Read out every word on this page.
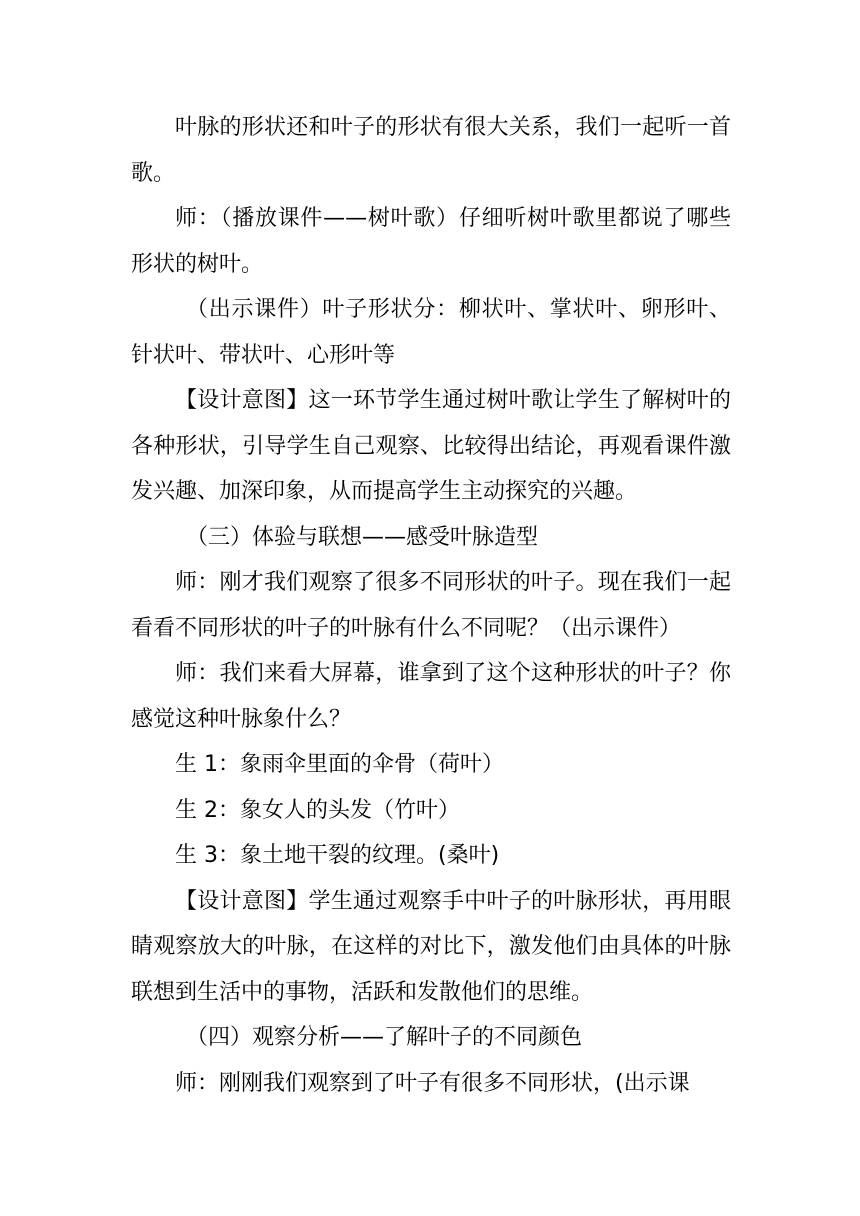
叶脉的形状还和叶子的形状有很大关系，我们一起听一首歌。

师：（播放课件——树叶歌）仔细听树叶歌里都说了哪些形状的树叶。

（出示课件）叶子形状分：柳状叶、掌状叶、卵形叶、针状叶、带状叶、心形叶等

【设计意图】这一环节学生通过树叶歌让学生了解树叶的各种形状，引导学生自己观察、比较得出结论，再观看课件激发兴趣、加深印象，从而提高学生主动探究的兴趣。

（三）体验与联想——感受叶脉造型

师：刚才我们观察了很多不同形状的叶子。现在我们一起看看不同形状的叶子的叶脉有什么不同呢？（出示课件）

师：我们来看大屏幕，谁拿到了这个这种形状的叶子？你感觉这种叶脉象什么？

生 1：象雨伞里面的伞骨（荷叶）

生 2：象女人的头发（竹叶）

生 3：象土地干裂的纹理。(桑叶)

【设计意图】学生通过观察手中叶子的叶脉形状，再用眼睛观察放大的叶脉，在这样的对比下，激发他们由具体的叶脉联想到生活中的事物，活跃和发散他们的思维。

（四）观察分析——了解叶子的不同颜色

师：刚刚我们观察到了叶子有很多不同形状，(出示课
